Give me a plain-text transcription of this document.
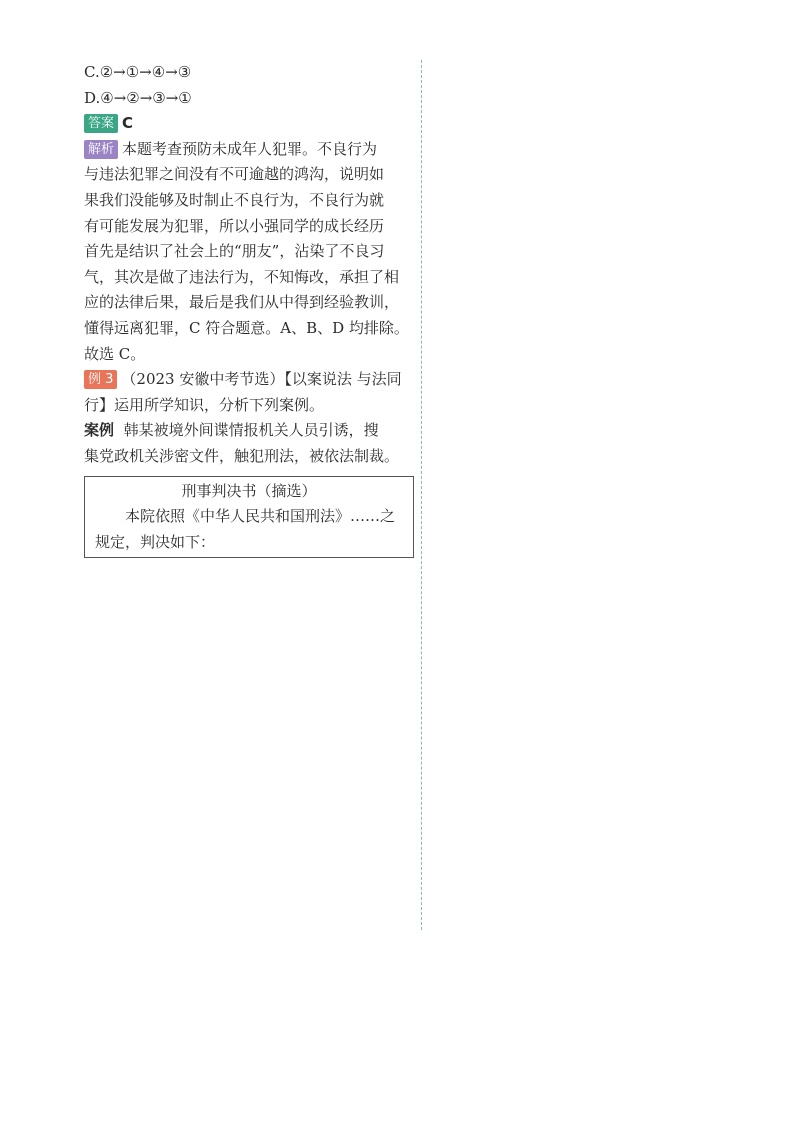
C.②→①→④→③
D.④→②→③→①
答案 C
解析 本题考查预防未成年人犯罪。不良行为
与违法犯罪之间没有不可逾越的鸿沟，说明如
果我们没能够及时制止不良行为，不良行为就
有可能发展为犯罪，所以小强同学的成长经历
首先是结识了社会上的“朋友”，沾染了不良习
气，其次是做了违法行为，不知悔改，承担了相
应的法律后果，最后是我们从中得到经验教训，
懂得远离犯罪，C 符合题意。A、B、D 均排除。
故选 C。
例 3 （2023 安徽中考节选）【以案说法 与法同
行】运用所学知识，分析下列案例。
案例 韩某被境外间谍情报机关人员引诱，搜
集党政机关涉密文件，触犯刑法，被依法制裁。
刑事判决书（摘选）
本院依照《中华人民共和国刑法》……之
规定，判决如下：
